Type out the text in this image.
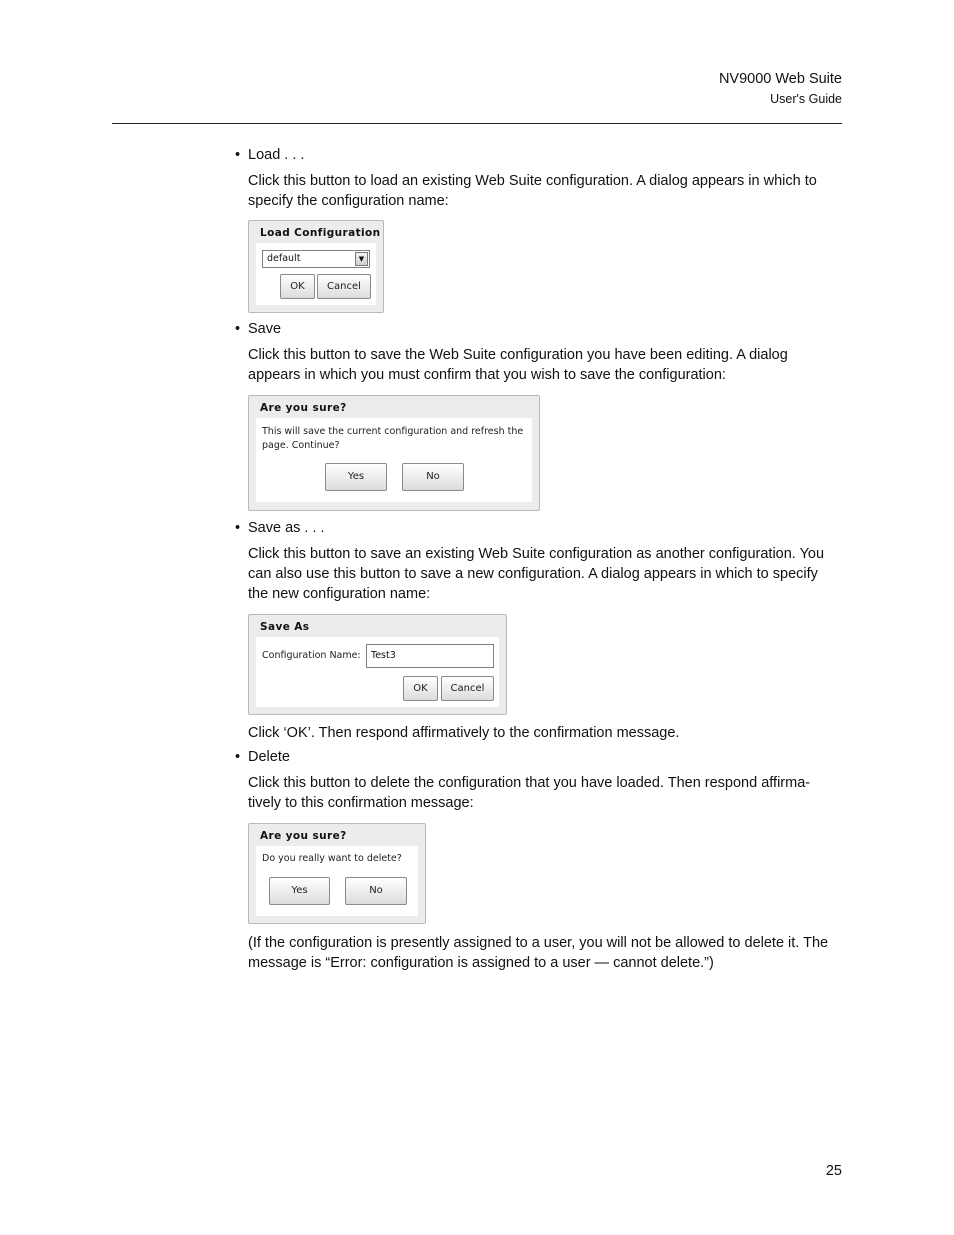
NV9000 Web Suite
User's Guide
• Load . . .
Click this button to load an existing Web Suite configuration. A dialog appears in which to specify the configuration name:
Load Configuration
default	▼
OK	Cancel
• Save
Click this button to save the Web Suite configuration you have been editing. A dialog appears in which you must confirm that you wish to save the configuration:
Are you sure?
This will save the current configuration and refresh the page. Continue?
Yes	No
• Save as . . .
Click this button to save an existing Web Suite configuration as another configuration. You can also use this button to save a new configuration. A dialog appears in which to specify the new configuration name:
Save As
Configuration Name:	Test3
OK	Cancel
Click ‘OK’. Then respond affirmatively to the confirmation message.
• Delete
Click this button to delete the configuration that you have loaded. Then respond affirma-tively to this confirmation message:
Are you sure?
Do you really want to delete?
Yes	No
(If the configuration is presently assigned to a user, you will not be allowed to delete it. The message is “Error: configuration is assigned to a user — cannot delete.”)
25
